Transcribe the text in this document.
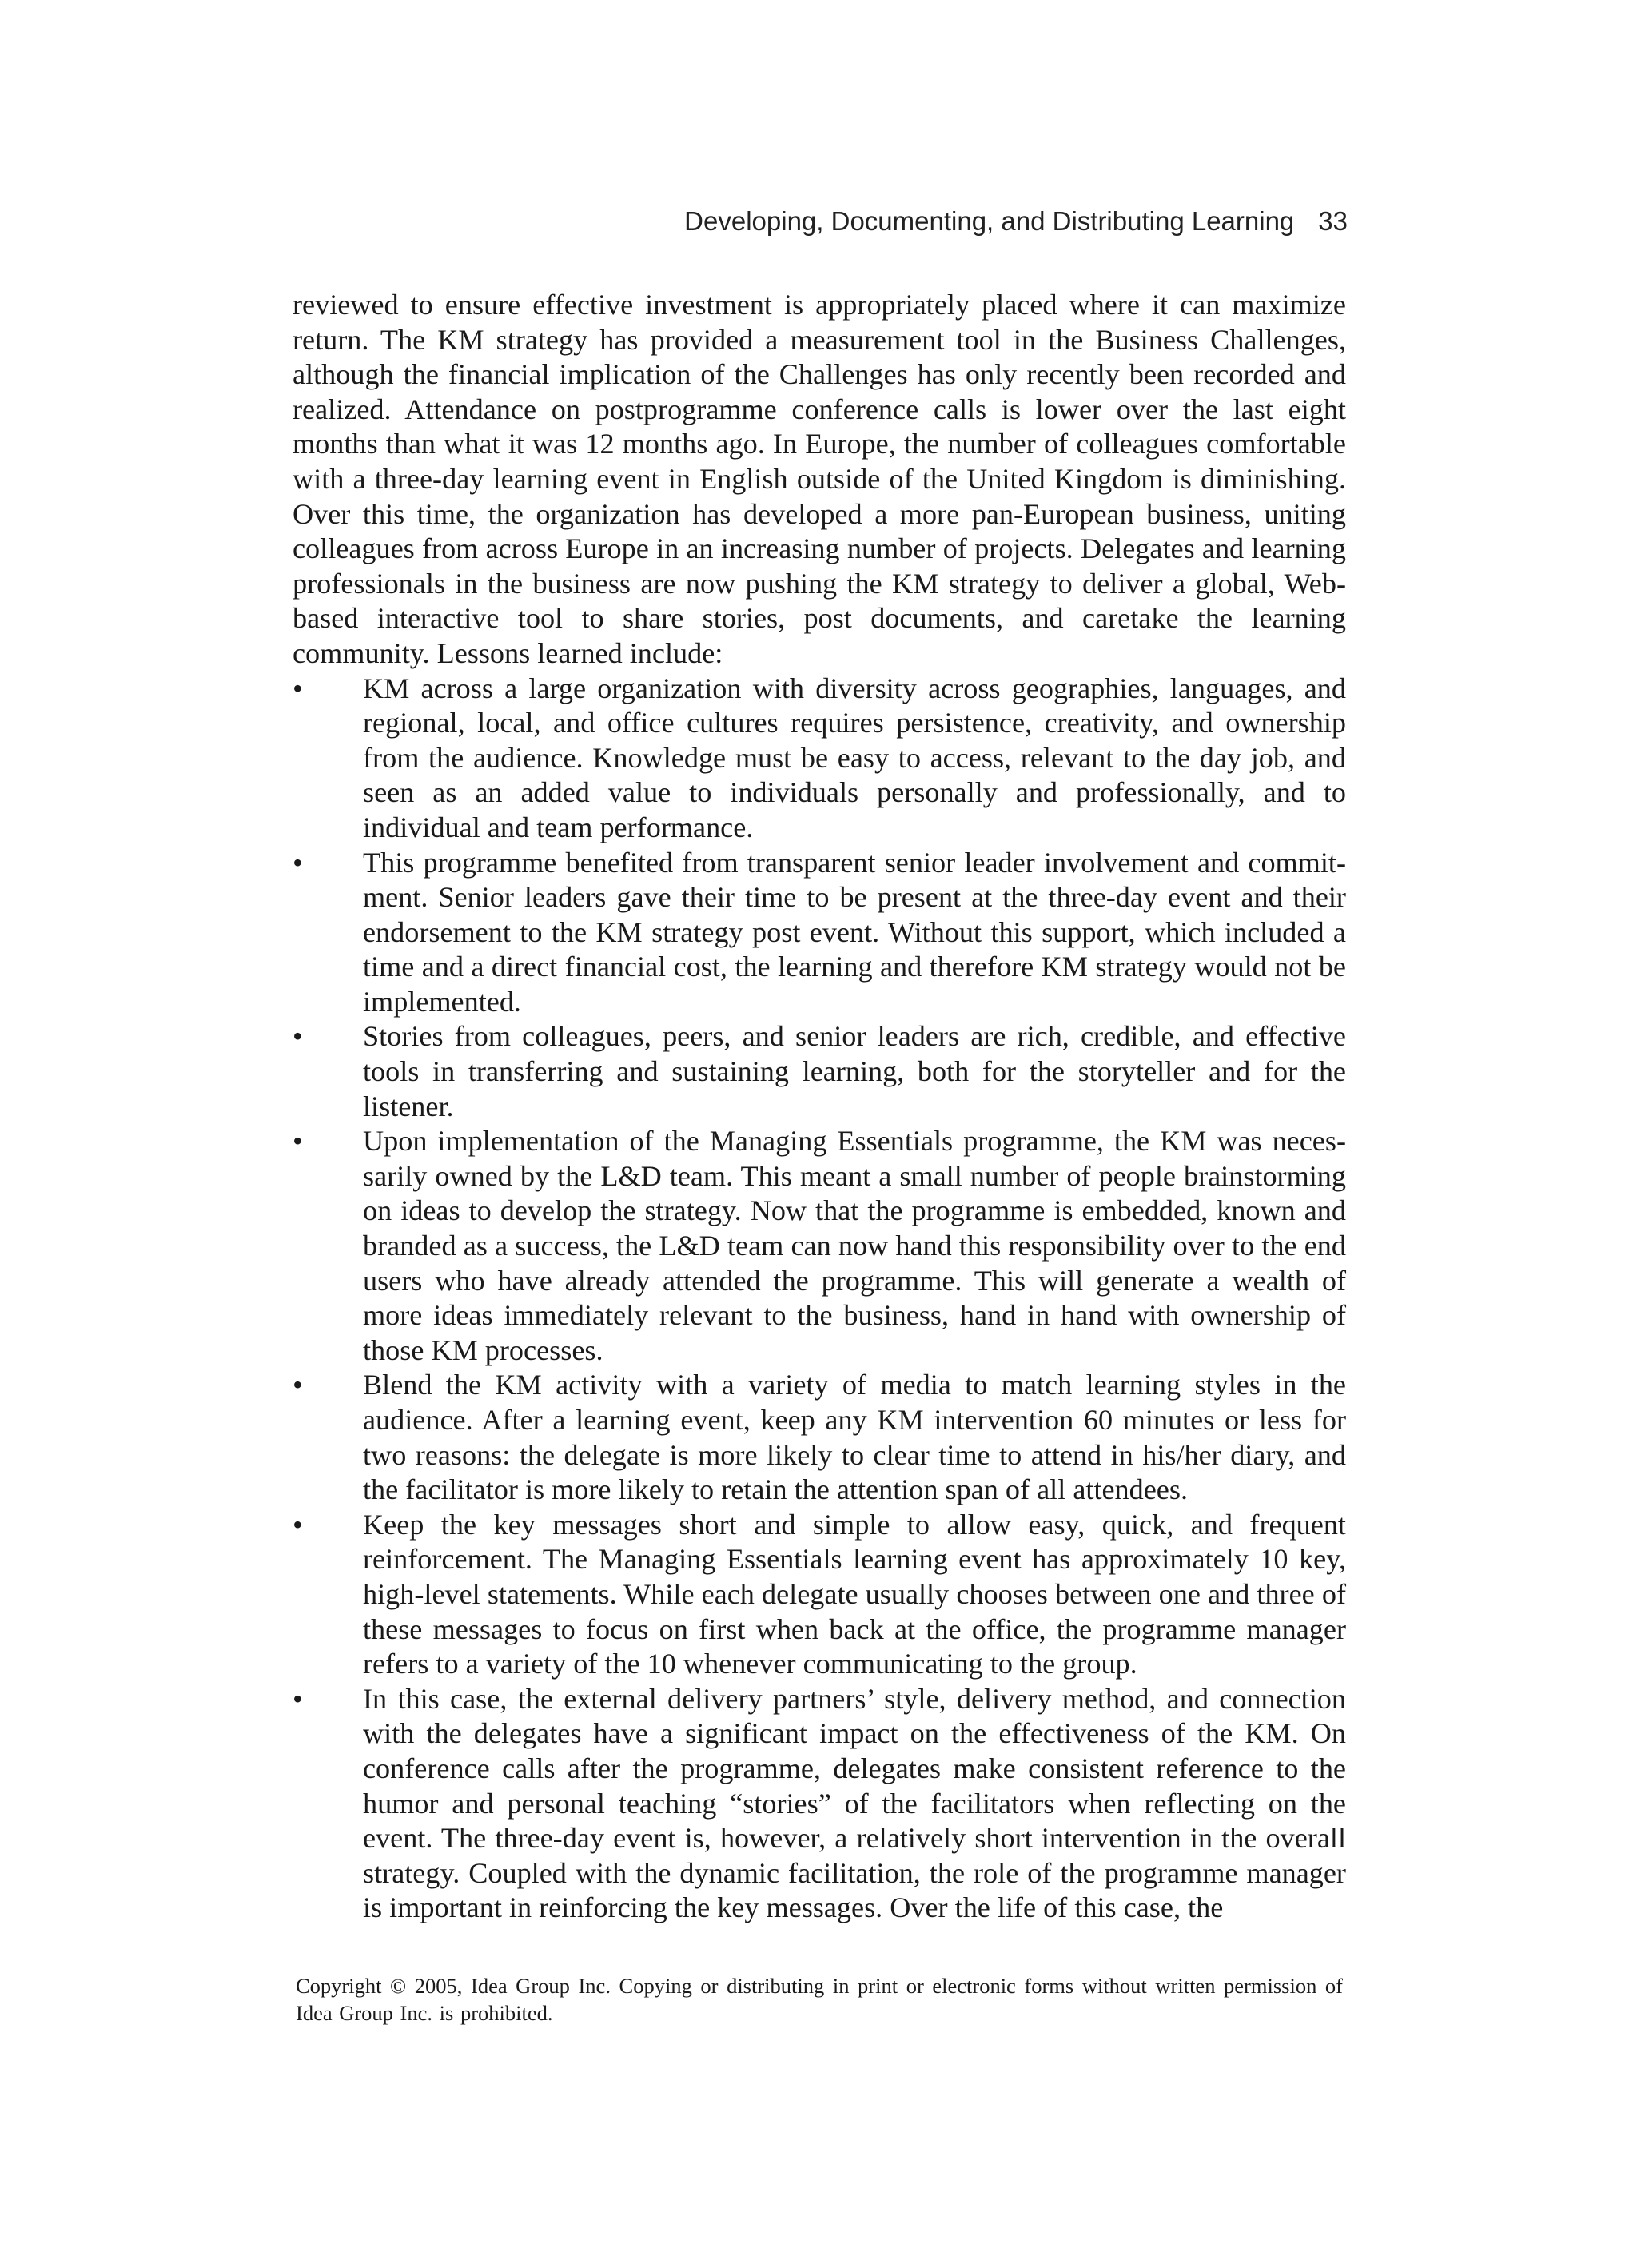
Developing, Documenting, and Distributing Learning 33

reviewed to ensure effective investment is appropriately placed where it can maximize return. The KM strategy has provided a measurement tool in the Business Challenges, although the financial implication of the Challenges has only recently been recorded and realized. Attendance on postprogramme conference calls is lower over the last eight months than what it was 12 months ago. In Europe, the number of colleagues comfortable with a three-day learning event in English outside of the United Kingdom is diminishing. Over this time, the organization has developed a more pan-European business, uniting colleagues from across Europe in an increasing number of projects. Delegates and learning professionals in the business are now pushing the KM strategy to deliver a global, Web-based interactive tool to share stories, post documents, and caretake the learning community. Lessons learned include:

• KM across a large organization with diversity across geographies, languages, and regional, local, and office cultures requires persistence, creativity, and ownership from the audience. Knowledge must be easy to access, relevant to the day job, and seen as an added value to individuals personally and professionally, and to individual and team performance.
• This programme benefited from transparent senior leader involvement and commit-ment. Senior leaders gave their time to be present at the three-day event and their endorsement to the KM strategy post event. Without this support, which included a time and a direct financial cost, the learning and therefore KM strategy would not be implemented.
• Stories from colleagues, peers, and senior leaders are rich, credible, and effective tools in transferring and sustaining learning, both for the storyteller and for the listener.
• Upon implementation of the Managing Essentials programme, the KM was neces-sarily owned by the L&D team. This meant a small number of people brainstorming on ideas to develop the strategy. Now that the programme is embedded, known and branded as a success, the L&D team can now hand this responsibility over to the end users who have already attended the programme. This will generate a wealth of more ideas immediately relevant to the business, hand in hand with ownership of those KM processes.
• Blend the KM activity with a variety of media to match learning styles in the audience. After a learning event, keep any KM intervention 60 minutes or less for two reasons: the delegate is more likely to clear time to attend in his/her diary, and the facilitator is more likely to retain the attention span of all attendees.
• Keep the key messages short and simple to allow easy, quick, and frequent reinforcement. The Managing Essentials learning event has approximately 10 key, high-level statements. While each delegate usually chooses between one and three of these messages to focus on first when back at the office, the programme manager refers to a variety of the 10 whenever communicating to the group.
• In this case, the external delivery partners’ style, delivery method, and connection with the delegates have a significant impact on the effectiveness of the KM. On conference calls after the programme, delegates make consistent reference to the humor and personal teaching “stories” of the facilitators when reflecting on the event. The three-day event is, however, a relatively short intervention in the overall strategy. Coupled with the dynamic facilitation, the role of the programme manager is important in reinforcing the key messages. Over the life of this case, the
Copyright © 2005, Idea Group Inc. Copying or distributing in print or electronic forms without written permission of Idea Group Inc. is prohibited.
